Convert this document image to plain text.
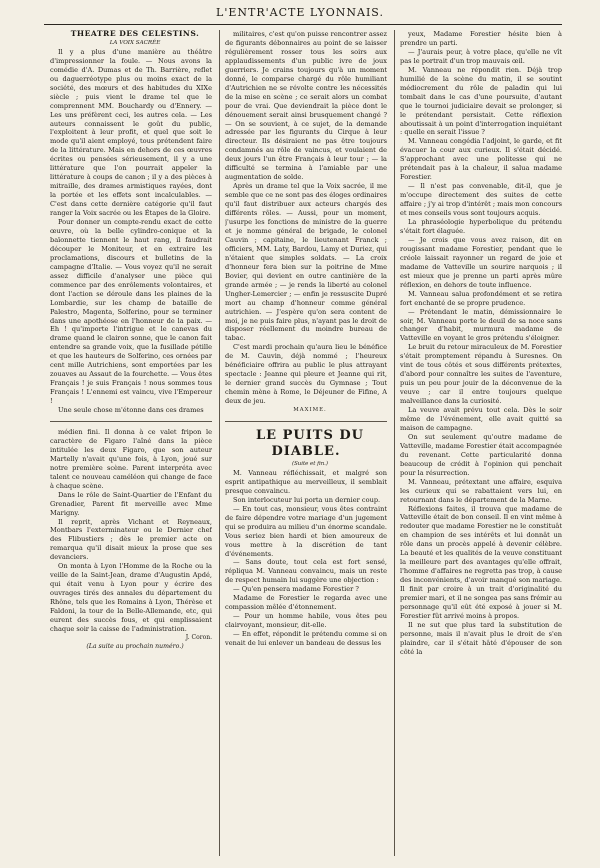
L'ENTR'ACTE LYONNAIS.

THÉATRE DES CÉLESTINS.

LA VOIX SACRÉE

Il y a plus d'une manière au théâtre d'impressionner la foule. — Nous avons la comédie d'A. Dumas et de Th. Barrière, reflet ou daguerréotype plus ou moins exact de la société, des mœurs et des habitudes du XIXe siècle ; puis vient le drame tel que le comprennent MM. Bouchardy ou d'Ennery. — Les uns préfèrent ceci, les autres cela. — Les auteurs connaissent le goût du public, l'exploitent à leur profit, et quel que soit le mode qu'il aient employé, tous prétendent faire de la littérature. Mais en dehors de ces œuvres écrites ou pensées sérieusement, il y a une littérature que l'on pourrait appeler la littérature à coups de canon ; il y a des pièces à mitraille, des drames armistiques rayées, dont la portée et les effets sont incalculables. — C'est dans cette dernière catégorie qu'il faut ranger la Voix sacrée ou les Étapes de la Gloire.

Pour donner un compte-rendu exact de cette œuvre, où la belle cylindro-conique et la baïonnette tiennent le haut rang, il faudrait découper le Moniteur, et en extraire les proclamations, discours et bulletins de la campagne d'Italie. — Vous voyez qu'il ne serait assez difficile d'analyser une pièce qui commence par des enrôlements volontaires, et dont l'action se déroule dans les plaines de la Lombardie, sur les champ de bataille de Palestro, Magenta, Solferino, pour se terminer dans une apothéose en l'honneur de la paix. — Eh ! qu'importe l'intrigue et le canevas du drame quand le clairon sonne, que le canon fait entendre sa grande voix, que la fusillade pétille et que les hauteurs de Solferino, ces ornées par cent mille Autrichiens, sont emportées par les zouaves au Assaut de la fourchette. — Vous êtes Français ! je suis Français ! nous sommes tous Français ! L'ennemi est vaincu, vive l'Empereur !

Une seule chose m'étonne dans ces drames

médien fini. Il donna à ce valet fripon le caractère de Figaro l'aîné dans la pièce intitulée les deux Figaro, que son auteur Martelly n'avait qu'une fois, à Lyon, joué sur notre première scène. Parent interpréta avec talent ce nouveau caméléon qui change de face à chaque scène.

Dans le rôle de Saint-Quartier de l'Enfant du Grenadier, Parent fit merveille avec Mme Marigny.

Il reprit, après Vichant et Reyneaux, Montbars l'exterminateur ou le Dernier chef des Flibustiers ; dès le premier acte on remarqua qu'il disait mieux la prose que ses devanciers.

On monta à Lyon l'Homme de la Roche ou la veille de la Saint-Jean, drame d'Augustin Apdé, qui était venu à Lyon pour y écrire des ouvrages tirés des annales du département du Rhône, tels que les Romains à Lyon, Thérèse et Faldoni, la tour de la Belle-Allemande, etc, qui eurent des succès fous, et qui emplissaient chaque soir la caisse de l'administration.

J. Coron.

(La suite au prochain numéro.)

militaires, c'est qu'on puisse rencontrer assez de figurants débonnaires au point de se laisser régulièrement rosser tous les soirs aux applaudissements d'un public ivre de joux guerriers. Je crains toujours qu'à un moment donné, le comparse chargé du rôle humiliant d'Autrichien ne se révolte contre les nécessités de la mise en scène ; ce serait alors un combat pour de vrai. Que deviendrait la pièce dont le dénouement serait ainsi brusquement changé ? — On se souvient, à ce sujet, de la demande adressée par les figurants du Cirque à leur directeur. Ils désiraient ne pas être toujours condamnés au rôle de vaincus, et voulaient de deux jours l'un être Français à leur tour ; — la difficulté se termina à l'amiable par une augmentation de solde.

Après un drame tel que la Voix sacrée, il me semble que ce ne sont pas des éloges ordinaires qu'il faut distribuer aux acteurs chargés des différents rôles. — Aussi, pour un moment, j'usurpe les fonctions de ministre de la guerre et je nomme général de brigade, le colonel Cauvin ; capitaine, le lieutenant Franck ; officiers, MM. Laty, Bardou, Lamy et Duriez, qui n'étaient que simples soldats. — La croix d'honneur fera bien sur la poitrine de Mme Bovier, qui devient en outre cantinière de la grande armée ; — je rends la liberté au colonel Ungher-Lemercier ; — enfin je ressuscite Dupré mort au champ d'honneur comme général autrichien. — J'espère qu'on sera content de moi, je ne puis faire plus, n'ayant pas le droit de disposer réellement du moindre bureau de tabac.

C'est mardi prochain qu'aura lieu le bénéfice de M. Cauvin, déjà nommé ; l'heureux bénéficiaire offrira au public le plus attrayant spectacle : Jeanne qui pleure et Jeanne qui rit, le dernier grand succès du Gymnase ; Tout chemin mène à Rome, le Déjeuner de Fifine, A deux de jeu.

MAXIME.

LE PUITS DU DIABLE.

(Suite et fin.)

M. Vanneau réfléchissait, et malgré son esprit antipathique au merveilleux, il semblait presque convaincu.

Son interlocuteur lui porta un dernier coup.

— En tout cas, monsieur, vous êtes contraint de faire dépendre votre mariage d'un jugement qui se produira au milieu d'un énorme scandale. Vous seriez bien hardi et bien amoureux de vous mettre à la discrétion de tant d'événements.

— Sans doute, tout cela est fort sensé, répliqua M. Vanneau convaincu, mais un reste de respect humain lui suggère une objection :

— Qu'en pensera madame Forestier ?

Madame de Forestier le regarda avec une compassion mêlée d'étonnement.

— Pour un homme habile, vous êtes peu clairvoyant, monsieur, dit-elle.

— En effet, répondit le prétendu comme si on venait de lui enlever un bandeau de dessus les

yeux, Madame Forestier hésite bien à prendre un parti.

— J'aurais peur, à votre place, qu'elle ne vît pas le portrait d'un trop mauvais œil.

M. Vanneau ne répondit rien. Déjà trop humilié de la scène du matin, il se soutint médiocrement du rôle de paladin qui lui tombait dans le cas d'une poursuite, d'autant que le tournoi judiciaire devait se prolonger, si le prétendant persistait. Cette réflexion aboutissait à un point d'interrogation inquiétant : quelle en serait l'issue ?

M. Vanneau congédia l'adjoint, le garde, et fit évacuer la cour aux curieux. Il s'était décidé. S'approchant avec une politesse qui ne prétendait pas à la chaleur, il salua madame Forestier.

— Il n'est pas convenable, dit-il, que je m'occupe directement des suites de cette affaire ; j'y ai trop d'intérêt ; mais mon concours et mes conseils vous sont toujours acquis.

La phraséologie hyperbolique du prétendu s'était fort élaguée.

— Je crois que vous avez raison, dit en rougissant madame Forestier, pendant que le créole laissait rayonner un regard de joie et madame de Vatteville un sourire narquois ; il est mieux que je prenne un parti après mûre réflexion, en dehors de toute influence.

M. Vanneau salua profondément et se retira fort enchanté de se propre prudence.

— Prétendant le matin, démissionnaire le soir, M. Vanneau porte le deuil de sa noce sans changer d'habit, murmura madame de Vatteville en voyant le gros prétendu s'éloigner.

Le bruit du retour miraculeux de M. Forestier s'était promptement répandu à Suresnes. On vint de tous côtés et sous différents prétextes, d'abord pour connaître les suites de l'aventure, puis un peu pour jouir de la déconvenue de la veuve ; car il entre toujours quelque malveillance dans la curiosité.

La veuve avait prévu tout cela. Dès le soir même de l'événement, elle avait quitté sa maison de campagne.

On sut seulement qu'outre madame de Vatteville, madame Forestier était accompagnée du revenant. Cette particularité donna beaucoup de crédit à l'opinion qui penchait pour la résurrection.

M. Vanneau, prétextant une affaire, esquiva les curieux qui se rabattaient vers lui, en retournant dans le département de la Marne.

Réflexions faites, il trouva que madame de Vatteville était de bon conseil. Il en vint même à redouter que madame Forestier ne le constituât en champion de ses intérêts et lui donnât un rôle dans un procès appelé à devenir célèbre. La beauté et les qualités de la veuve constituant la meilleure part des avantages qu'elle offrait, l'homme d'affaires ne regretta pas trop, à cause des inconvénients, d'avoir manqué son mariage. Il finit par croire à un trait d'originalité du premier mari, et il ne songea pas sans frémir au personnage qu'il eût été exposé à jouer si M. Forestier fût arrivé moins à propos.

Il ne sut que plus tard la substitution de personne, mais il n'avait plus le droit de s'en plaindre, car il s'était hâté d'épouser de son côté la
